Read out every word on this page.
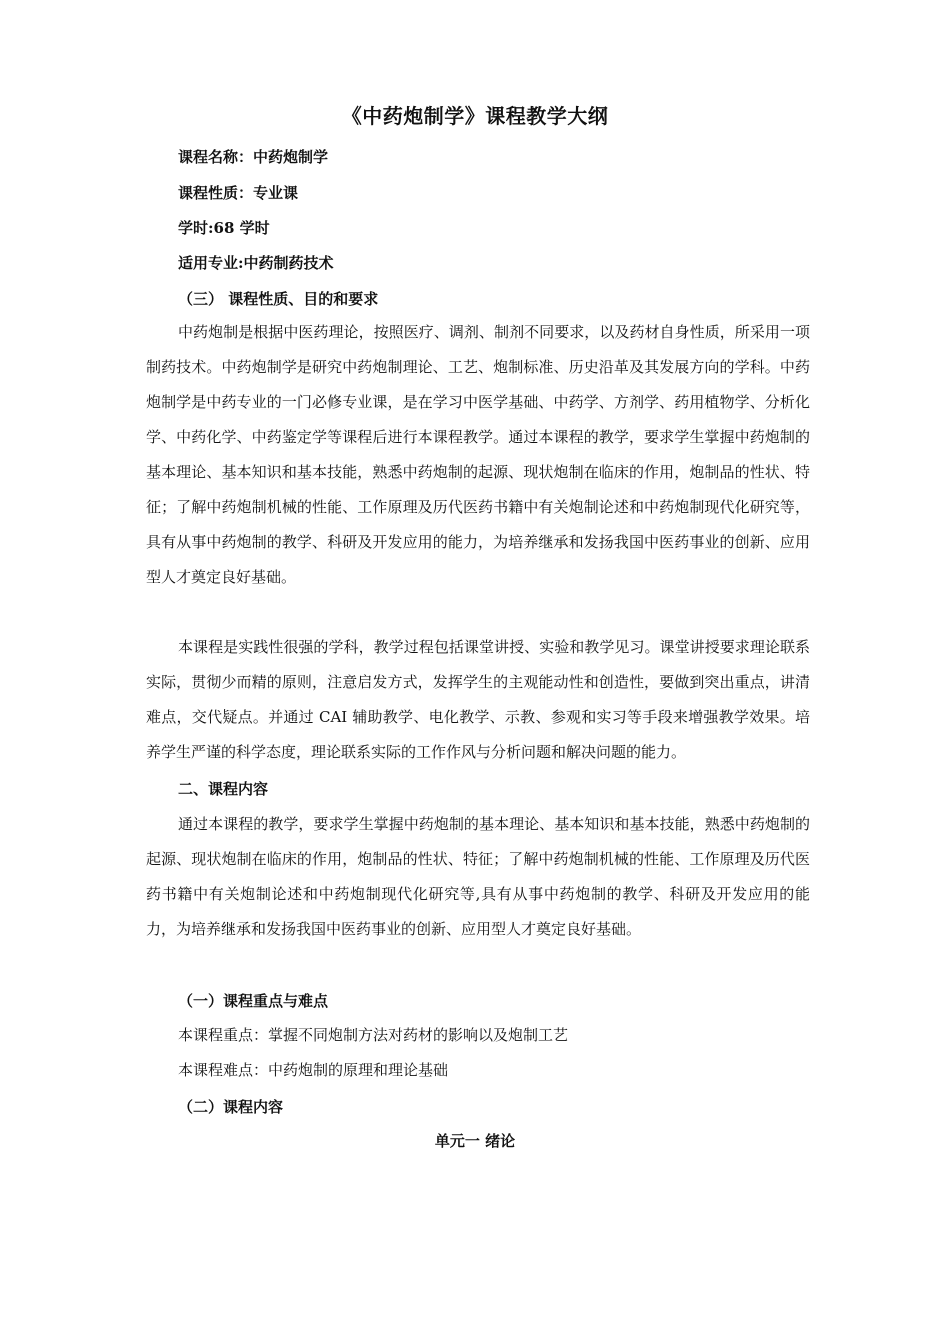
《中药炮制学》课程教学大纲
课程名称：中药炮制学
课程性质：专业课
学时:68 学时
适用专业:中药制药技术
（三） 课程性质、目的和要求

中药炮制是根据中医药理论，按照医疗、调剂、制剂不同要求，以及药材自身性质，所采用一项制药技术。中药炮制学是研究中药炮制理论、工艺、炮制标准、历史沿革及其发展方向的学科。中药炮制学是中药专业的一门必修专业课，是在学习中医学基础、中药学、方剂学、药用植物学、分析化学、中药化学、中药鉴定学等课程后进行本课程教学。通过本课程的教学，要求学生掌握中药炮制的基本理论、基本知识和基本技能，熟悉中药炮制的起源、现状炮制在临床的作用，炮制品的性状、特征；了解中药炮制机械的性能、工作原理及历代医药书籍中有关炮制论述和中药炮制现代化研究等，具有从事中药炮制的教学、科研及开发应用的能力，为培养继承和发扬我国中医药事业的创新、应用型人才奠定良好基础。

本课程是实践性很强的学科，教学过程包括课堂讲授、实验和教学见习。课堂讲授要求理论联系实际，贯彻少而精的原则，注意启发方式，发挥学生的主观能动性和创造性，要做到突出重点，讲清难点，交代疑点。并通过 CAI 辅助教学、电化教学、示教、参观和实习等手段来增强教学效果。培养学生严谨的科学态度，理论联系实际的工作作风与分析问题和解决问题的能力。

二、课程内容

通过本课程的教学，要求学生掌握中药炮制的基本理论、基本知识和基本技能，熟悉中药炮制的起源、现状炮制在临床的作用，炮制品的性状、特征；了解中药炮制机械的性能、工作原理及历代医药书籍中有关炮制论述和中药炮制现代化研究等,具有从事中药炮制的教学、科研及开发应用的能力，为培养继承和发扬我国中医药事业的创新、应用型人才奠定良好基础。

（一）课程重点与难点
本课程重点：掌握不同炮制方法对药材的影响以及炮制工艺
本课程难点：中药炮制的原理和理论基础
（二）课程内容
单元一 绪论
